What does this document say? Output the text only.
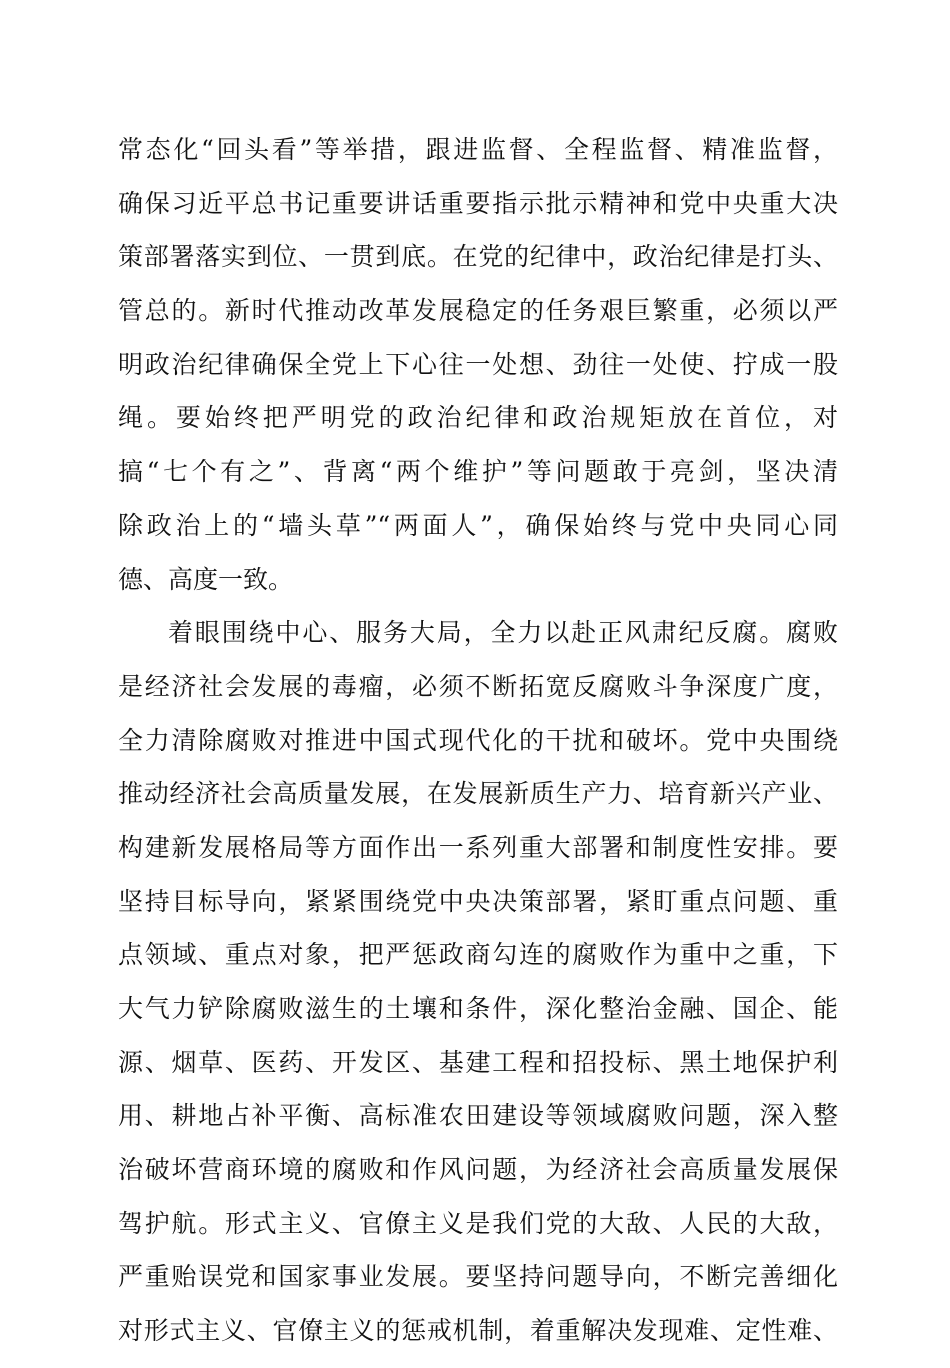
常态化“回头看”等举措，跟进监督、全程监督、精准监督，
确保习近平总书记重要讲话重要指示批示精神和党中央重大决
策部署落实到位、一贯到底。在党的纪律中，政治纪律是打头、
管总的。新时代推动改革发展稳定的任务艰巨繁重，必须以严
明政治纪律确保全党上下心往一处想、劲往一处使、拧成一股
绳。要始终把严明党的政治纪律和政治规矩放在首位，对
搞“七个有之”、背离“两个维护”等问题敢于亮剑，坚决清
除政治上的“墙头草”“两面人”，确保始终与党中央同心同
德、高度一致。
着眼围绕中心、服务大局，全力以赴正风肃纪反腐。腐败
是经济社会发展的毒瘤，必须不断拓宽反腐败斗争深度广度，
全力清除腐败对推进中国式现代化的干扰和破坏。党中央围绕
推动经济社会高质量发展，在发展新质生产力、培育新兴产业、
构建新发展格局等方面作出一系列重大部署和制度性安排。要
坚持目标导向，紧紧围绕党中央决策部署，紧盯重点问题、重
点领域、重点对象，把严惩政商勾连的腐败作为重中之重，下
大气力铲除腐败滋生的土壤和条件，深化整治金融、国企、能
源、烟草、医药、开发区、基建工程和招投标、黑土地保护利
用、耕地占补平衡、高标准农田建设等领域腐败问题，深入整
治破坏营商环境的腐败和作风问题，为经济社会高质量发展保
驾护航。形式主义、官僚主义是我们党的大敌、人民的大敌，
严重贻误党和国家事业发展。要坚持问题导向，不断完善细化
对形式主义、官僚主义的惩戒机制，着重解决发现难、定性难、
